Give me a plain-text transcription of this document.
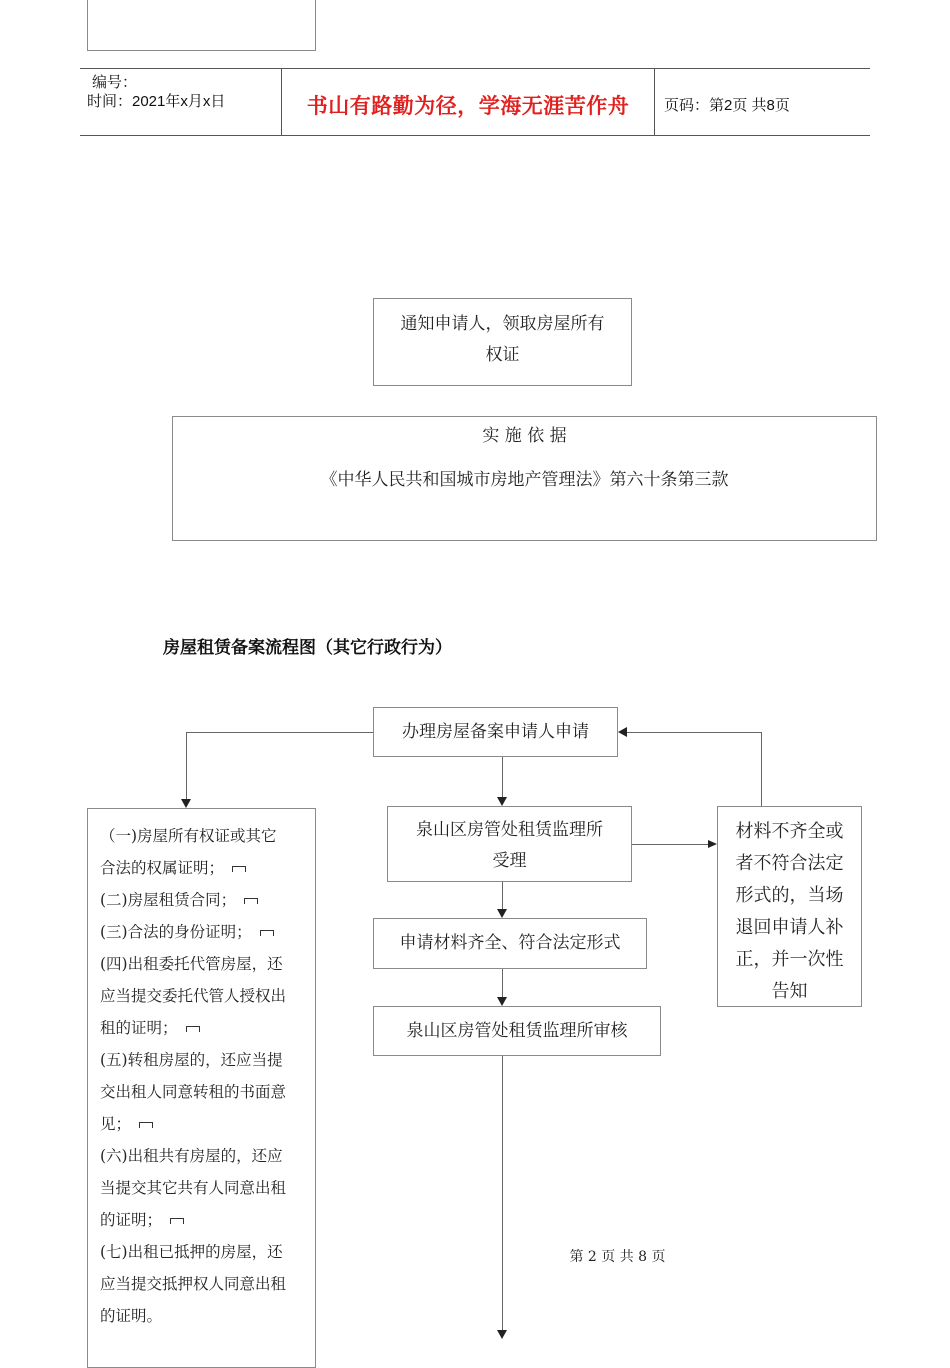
编号：
时间：2021年x月x日	书山有路勤为径，学海无涯苦作舟	页码：第2页 共8页
通知申请人，领取房屋所有
权证
实 施 依 据
《中华人民共和国城市房地产管理法》第六十条第三款
房屋租赁备案流程图（其它行政行为）
办理房屋备案申请人申请
泉山区房管处租赁监理所
受理
申请材料齐全、符合法定形式
泉山区房管处租赁监理所审核
材料不齐全或
者不符合法定
形式的，当场
退回申请人补
正，并一次性
告知
（一)房屋所有权证或其它
合法的权属证明；
(二)房屋租赁合同；
(三)合法的身份证明；
(四)出租委托代管房屋，还
应当提交委托代管人授权出
租的证明；
(五)转租房屋的，还应当提
交出租人同意转租的书面意
见；
(六)出租共有房屋的，还应
当提交其它共有人同意出租
的证明；
(七)出租已抵押的房屋，还
应当提交抵押权人同意出租
的证明。
第 2 页 共 8 页
